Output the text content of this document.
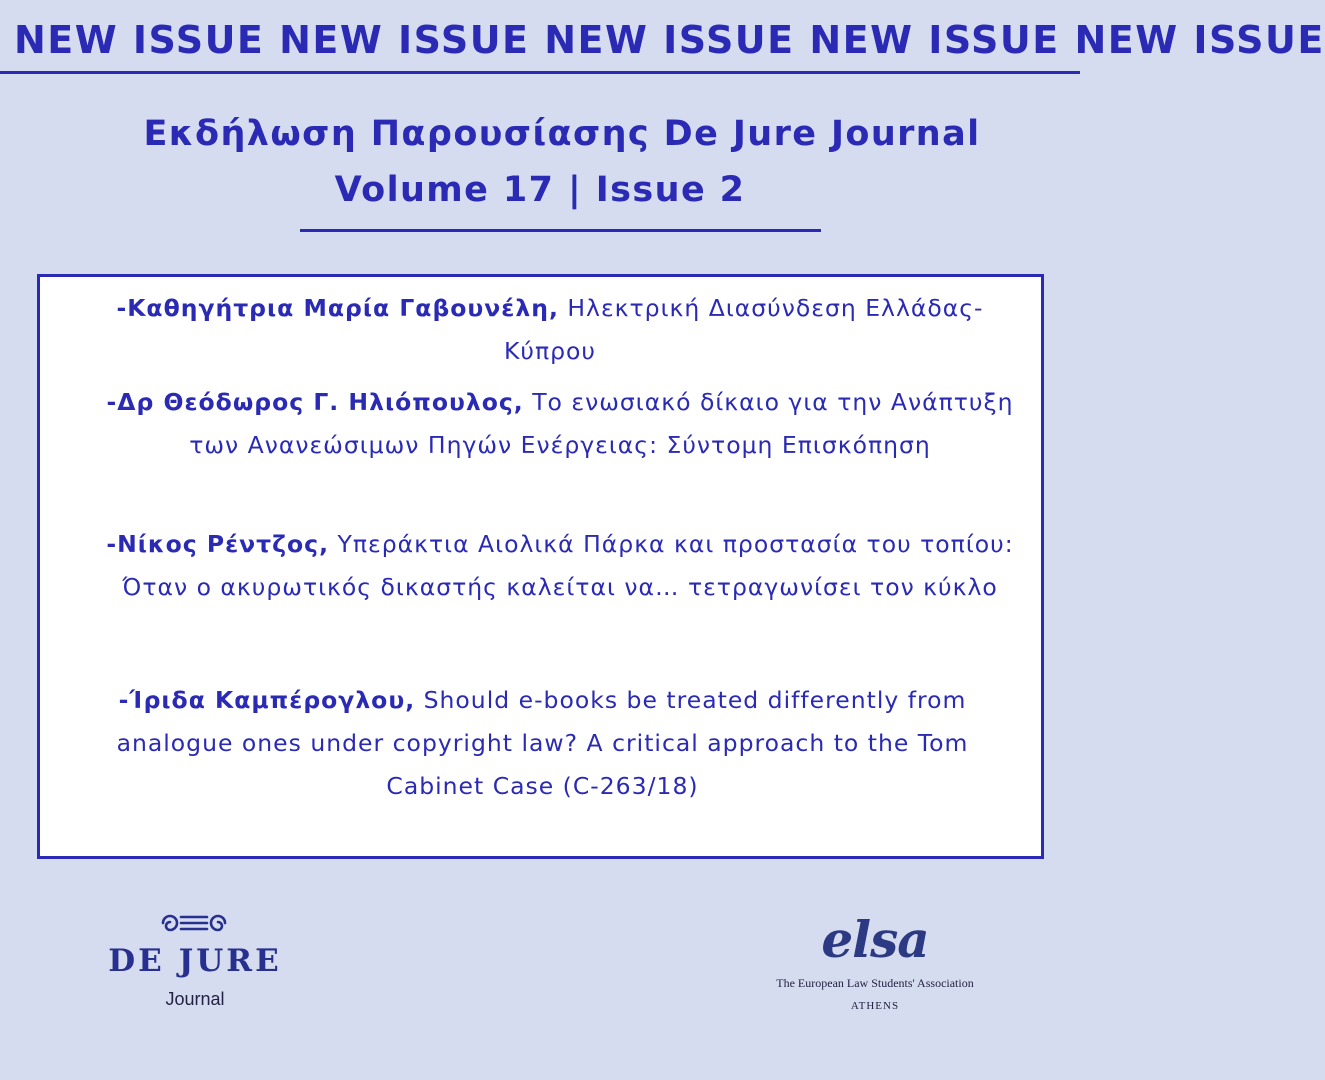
NEW ISSUE NEW ISSUE NEW ISSUE NEW ISSUE NEW ISSUE
Εκδήλωση Παρουσίασης De Jure Journal
Volume 17 | Issue 2
-Καθηγήτρια Μαρία Γαβουνέλη, Ηλεκτρική Διασύνδεση Ελλάδας-Κύπρου
-Δρ Θεόδωρος Γ. Ηλιόπουλος, Το ενωσιακό δίκαιο για την Ανάπτυξη των Ανανεώσιμων Πηγών Ενέργειας: Σύντομη Επισκόπηση
-Νίκος Ρέντζος, Υπεράκτια Αιολικά Πάρκα και προστασία του τοπίου: Όταν ο ακυρωτικός δικαστής καλείται να… τετραγωνίσει τον κύκλο
-Ίριδα Καμπέρογλου, Should e-books be treated differently from analogue ones under copyright law? A critical approach to the Tom Cabinet Case (C-263/18)
DE JURE
Journal
elsa
The European Law Students' Association
ATHENS
